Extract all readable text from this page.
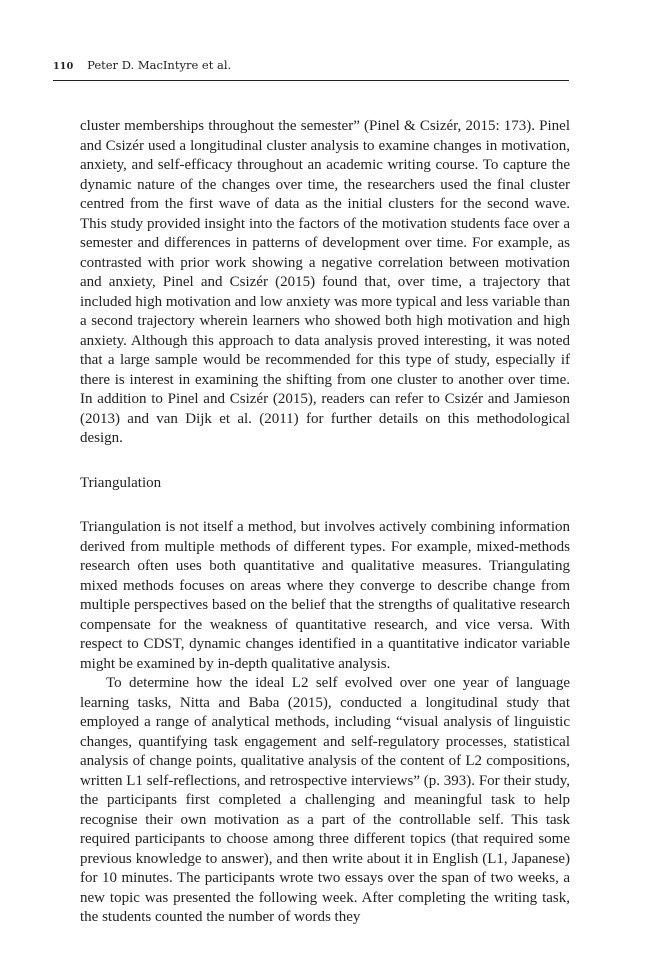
110 Peter D. MacIntyre et al.

cluster memberships throughout the semester” (Pinel & Csizér, 2015: 173). Pinel and Csizér used a longitudinal cluster analysis to examine changes in motivation, anxiety, and self-efficacy throughout an academic writing course. To capture the dynamic nature of the changes over time, the researchers used the final cluster centred from the first wave of data as the initial clusters for the second wave. This study provided insight into the factors of the motivation students face over a semester and differences in patterns of development over time. For example, as contrasted with prior work showing a negative correlation between motivation and anxiety, Pinel and Csizér (2015) found that, over time, a trajectory that included high motivation and low anxiety was more typical and less variable than a second trajectory wherein learners who showed both high motivation and high anxiety. Although this approach to data analysis proved interesting, it was noted that a large sample would be recommended for this type of study, especially if there is interest in examining the shifting from one cluster to another over time. In addition to Pinel and Csizér (2015), readers can refer to Csizér and Jamieson (2013) and van Dijk et al. (2011) for further details on this methodological design.

Triangulation

Triangulation is not itself a method, but involves actively combining information derived from multiple methods of different types. For example, mixed-methods research often uses both quantitative and qualitative measures. Triangulating mixed methods focuses on areas where they converge to describe change from multiple perspectives based on the belief that the strengths of qualitative research compensate for the weakness of quantitative research, and vice versa. With respect to CDST, dynamic changes identified in a quantitative indicator variable might be examined by in-depth qualitative analysis.

To determine how the ideal L2 self evolved over one year of language learning tasks, Nitta and Baba (2015), conducted a longitudinal study that employed a range of analytical methods, including “visual analysis of linguistic changes, quantifying task engagement and self-regulatory processes, statistical analysis of change points, qualitative analysis of the content of L2 compositions, written L1 self-reflections, and retrospective interviews” (p. 393). For their study, the participants first completed a challenging and meaningful task to help recognise their own motivation as a part of the controllable self. This task required participants to choose among three different topics (that required some previous knowledge to answer), and then write about it in English (L1, Japanese) for 10 minutes. The participants wrote two essays over the span of two weeks, a new topic was presented the following week. After completing the writing task, the students counted the number of words they
